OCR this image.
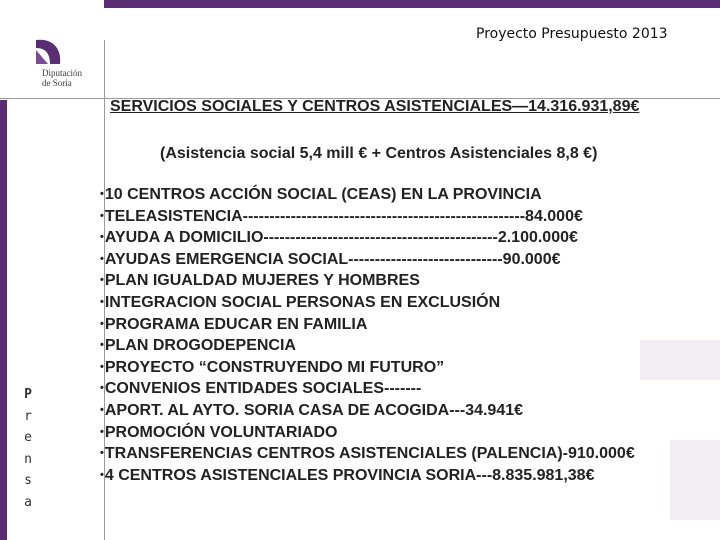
Diputación
de Soria
Proyecto Presupuesto 2013
P
r
e
n
s
a
SERVICIOS SOCIALES Y CENTROS ASISTENCIALES—14.316.931,89€
(Asistencia social 5,4 mill € + Centros Asistenciales 8,8 €)
• 10 CENTROS ACCIÓN SOCIAL (CEAS) EN LA PROVINCIA
• TELEASISTENCIA-----------------------------------------------------84.000€
• AYUDA A DOMICILIO--------------------------------------------2.100.000€
• AYUDAS EMERGENCIA SOCIAL-----------------------------90.000€
• PLAN IGUALDAD MUJERES Y HOMBRES
• INTEGRACION SOCIAL PERSONAS EN EXCLUSIÓN
• PROGRAMA EDUCAR EN FAMILIA
• PLAN DROGODEPENCIA
• PROYECTO “CONSTRUYENDO MI FUTURO”
• CONVENIOS ENTIDADES SOCIALES-------
• APORT. AL AYTO. SORIA CASA DE ACOGIDA---34.941€
• PROMOCIÓN VOLUNTARIADO
• TRANSFERENCIAS CENTROS ASISTENCIALES (PALENCIA)-910.000€
• 4 CENTROS ASISTENCIALES PROVINCIA SORIA---8.835.981,38€
